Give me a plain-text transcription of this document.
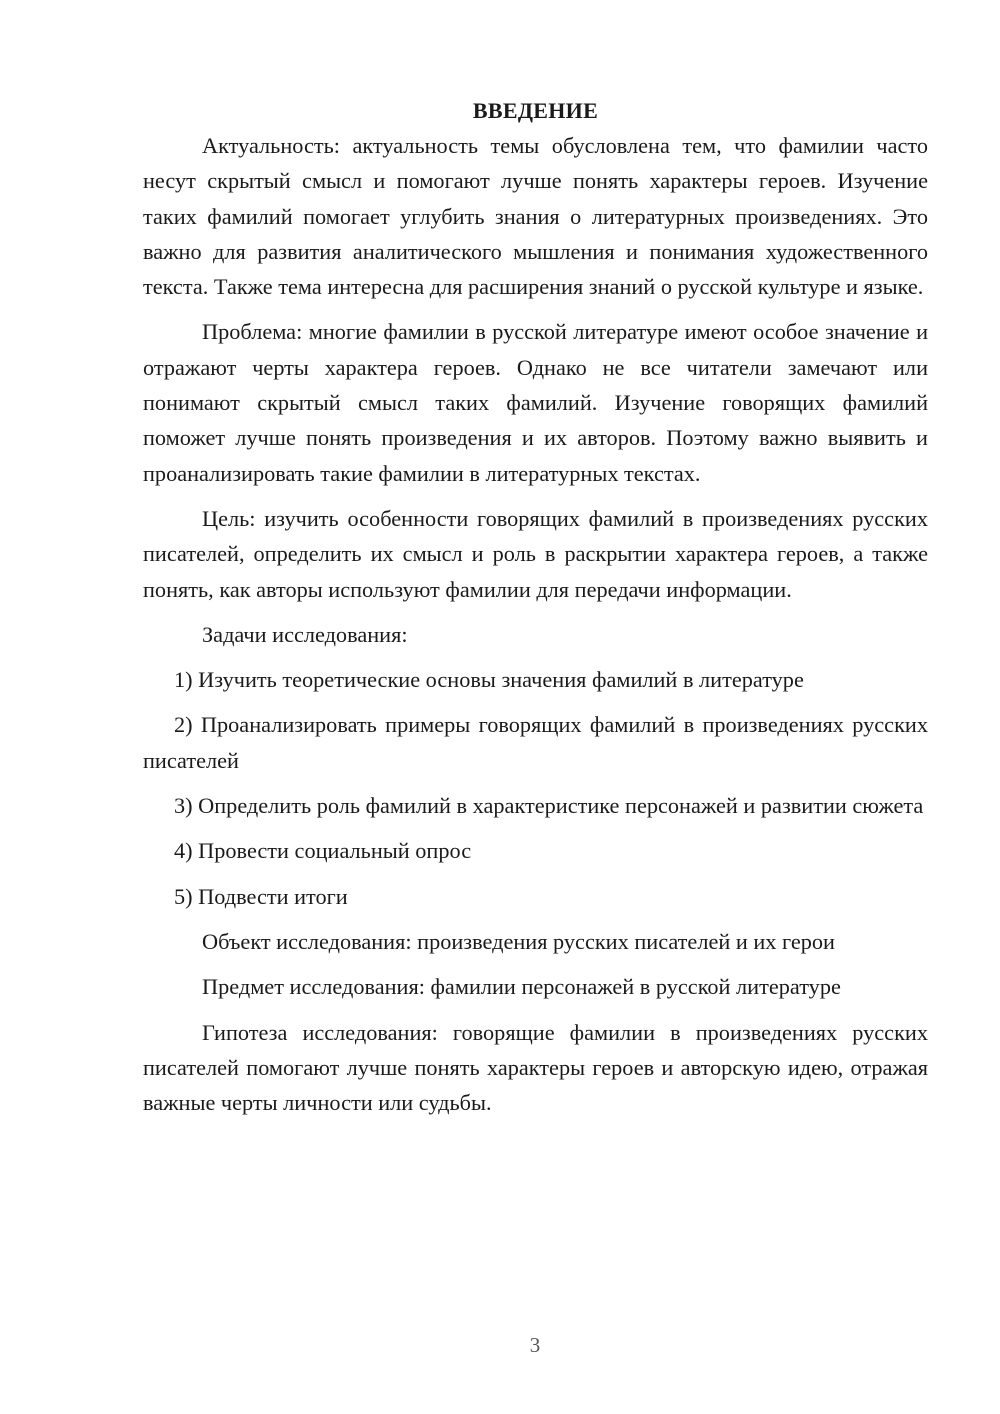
ВВЕДЕНИЕ

Актуальность: актуальность темы обусловлена тем, что фамилии часто несут скрытый смысл и помогают лучше понять характеры героев. Изучение таких фамилий помогает углубить знания о литературных произведениях. Это важно для развития аналитического мышления и понимания художественного текста. Также тема интересна для расширения знаний о русской культуре и языке.

Проблема: многие фамилии в русской литературе имеют особое значение и отражают черты характера героев. Однако не все читатели замечают или понимают скрытый смысл таких фамилий. Изучение говорящих фамилий поможет лучше понять произведения и их авторов. Поэтому важно выявить и проанализировать такие фамилии в литературных текстах.

Цель: изучить особенности говорящих фамилий в произведениях русских писателей, определить их смысл и роль в раскрытии характера героев, а также понять, как авторы используют фамилии для передачи информации.

Задачи исследования:

1) Изучить теоретические основы значения фамилий в литературе

2) Проанализировать примеры говорящих фамилий в произведениях русских писателей

3) Определить роль фамилий в характеристике персонажей и развитии сюжета

4) Провести социальный опрос

5) Подвести итоги

Объект исследования: произведения русских писателей и их герои

Предмет исследования: фамилии персонажей в русской литературе

Гипотеза исследования: говорящие фамилии в произведениях русских писателей помогают лучше понять характеры героев и авторскую идею, отражая важные черты личности или судьбы.

3
